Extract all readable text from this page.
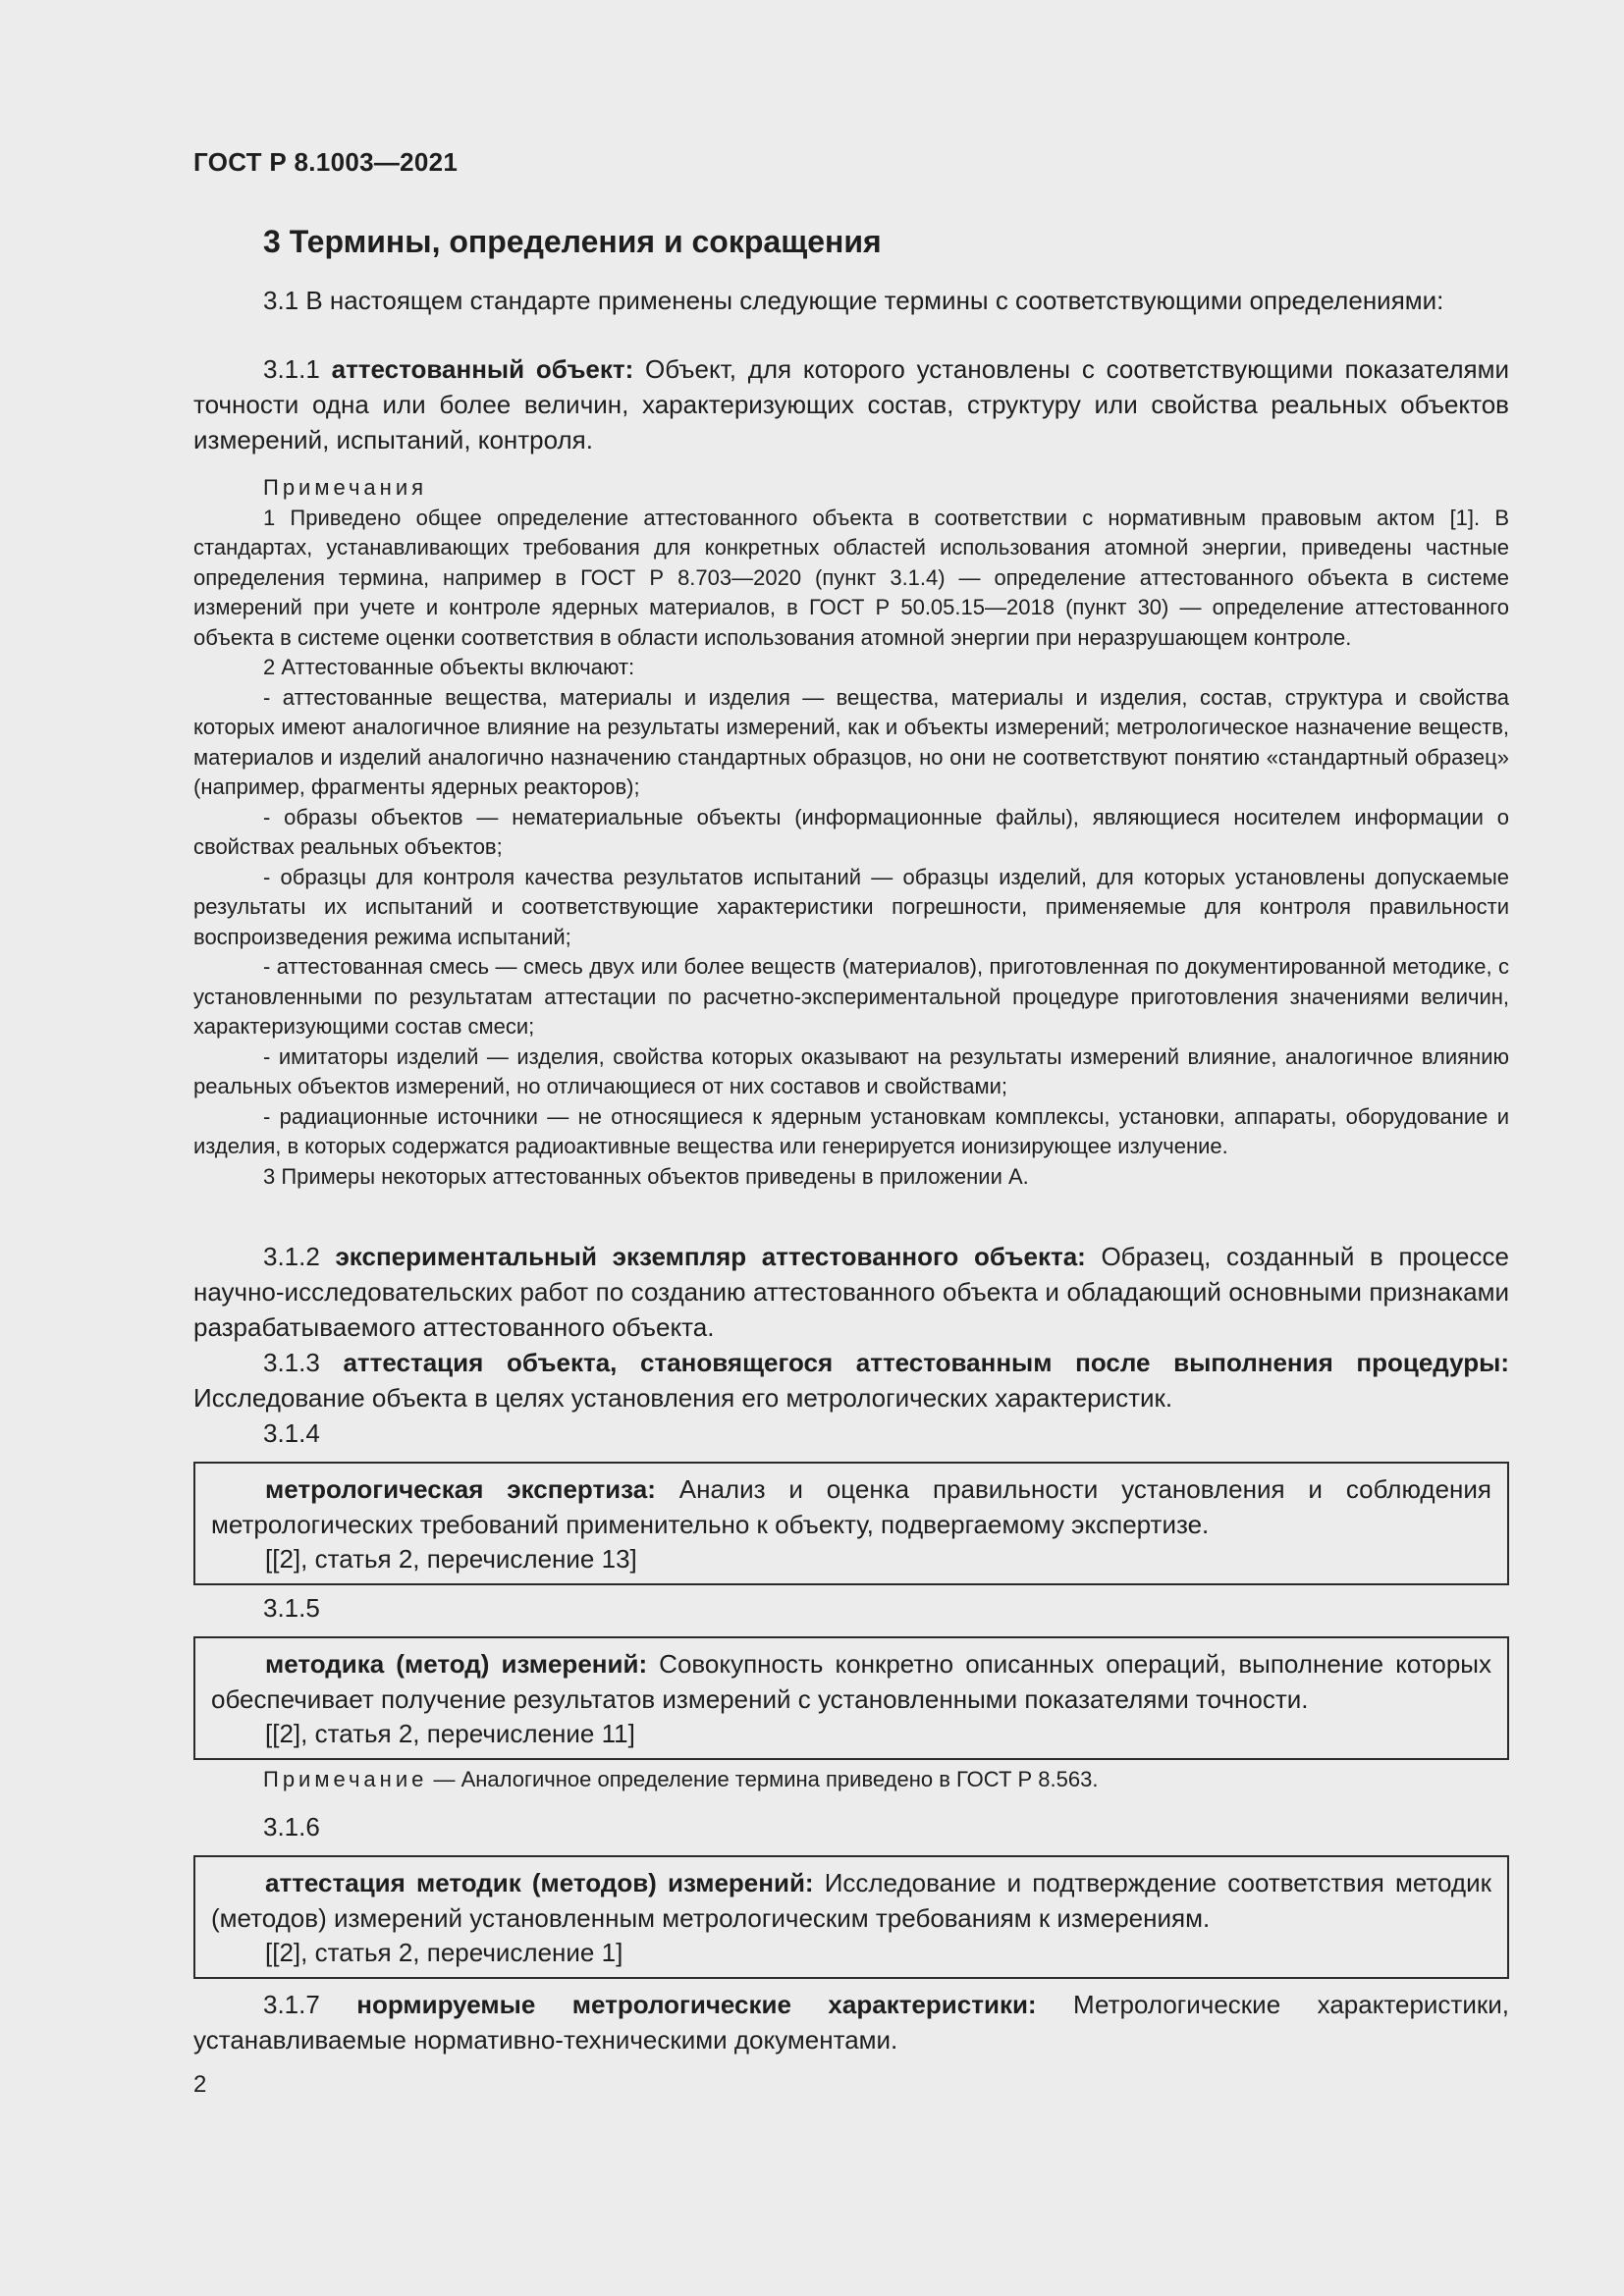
ГОСТ Р 8.1003—2021
3 Термины, определения и сокращения

3.1 В настоящем стандарте применены следующие термины с соответствующими определениями:

3.1.1 аттестованный объект: Объект, для которого установлены с соответствующими показателями точности одна или более величин, характеризующих состав, структуру или свойства реальных объектов измерений, испытаний, контроля.

Примечания

1 Приведено общее определение аттестованного объекта в соответствии с нормативным правовым актом [1]. В стандартах, устанавливающих требования для конкретных областей использования атомной энергии, приведены частные определения термина, например в ГОСТ Р 8.703—2020 (пункт 3.1.4) — определение аттестованного объекта в системе измерений при учете и контроле ядерных материалов, в ГОСТ Р 50.05.15—2018 (пункт 30) — определение аттестованного объекта в системе оценки соответствия в области использования атомной энергии при неразрушающем контроле.

2 Аттестованные объекты включают:

- аттестованные вещества, материалы и изделия — вещества, материалы и изделия, состав, структура и свойства которых имеют аналогичное влияние на результаты измерений, как и объекты измерений; метрологическое назначение веществ, материалов и изделий аналогично назначению стандартных образцов, но они не соответствуют понятию «стандартный образец» (например, фрагменты ядерных реакторов);

- образы объектов — нематериальные объекты (информационные файлы), являющиеся носителем информации о свойствах реальных объектов;

- образцы для контроля качества результатов испытаний — образцы изделий, для которых установлены допускаемые результаты их испытаний и соответствующие характеристики погрешности, применяемые для контроля правильности воспроизведения режима испытаний;

- аттестованная смесь — смесь двух или более веществ (материалов), приготовленная по документированной методике, с установленными по результатам аттестации по расчетно-экспериментальной процедуре приготовления значениями величин, характеризующими состав смеси;

- имитаторы изделий — изделия, свойства которых оказывают на результаты измерений влияние, аналогичное влиянию реальных объектов измерений, но отличающиеся от них составов и свойствами;

- радиационные источники — не относящиеся к ядерным установкам комплексы, установки, аппараты, оборудование и изделия, в которых содержатся радиоактивные вещества или генерируется ионизирующее излучение.

3 Примеры некоторых аттестованных объектов приведены в приложении А.

3.1.2 экспериментальный экземпляр аттестованного объекта: Образец, созданный в процессе научно-исследовательских работ по созданию аттестованного объекта и обладающий основными признаками разрабатываемого аттестованного объекта.

3.1.3 аттестация объекта, становящегося аттестованным после выполнения процедуры: Исследование объекта в целях установления его метрологических характеристик.

3.1.4

метрологическая экспертиза: Анализ и оценка правильности установления и соблюдения метрологических требований применительно к объекту, подвергаемому экспертизе.

[[2], статья 2, перечисление 13]
3.1.5

методика (метод) измерений: Совокупность конкретно описанных операций, выполнение которых обеспечивает получение результатов измерений с установленными показателями точности.

[[2], статья 2, перечисление 11]

Примечание — Аналогичное определение термина приведено в ГОСТ Р 8.563.

3.1.6

аттестация методик (методов) измерений: Исследование и подтверждение соответствия методик (методов) измерений установленным метрологическим требованиям к измерениям.

[[2], статья 2, перечисление 1]

3.1.7 нормируемые метрологические характеристики: Метрологические характеристики, устанавливаемые нормативно-техническими документами.

2
